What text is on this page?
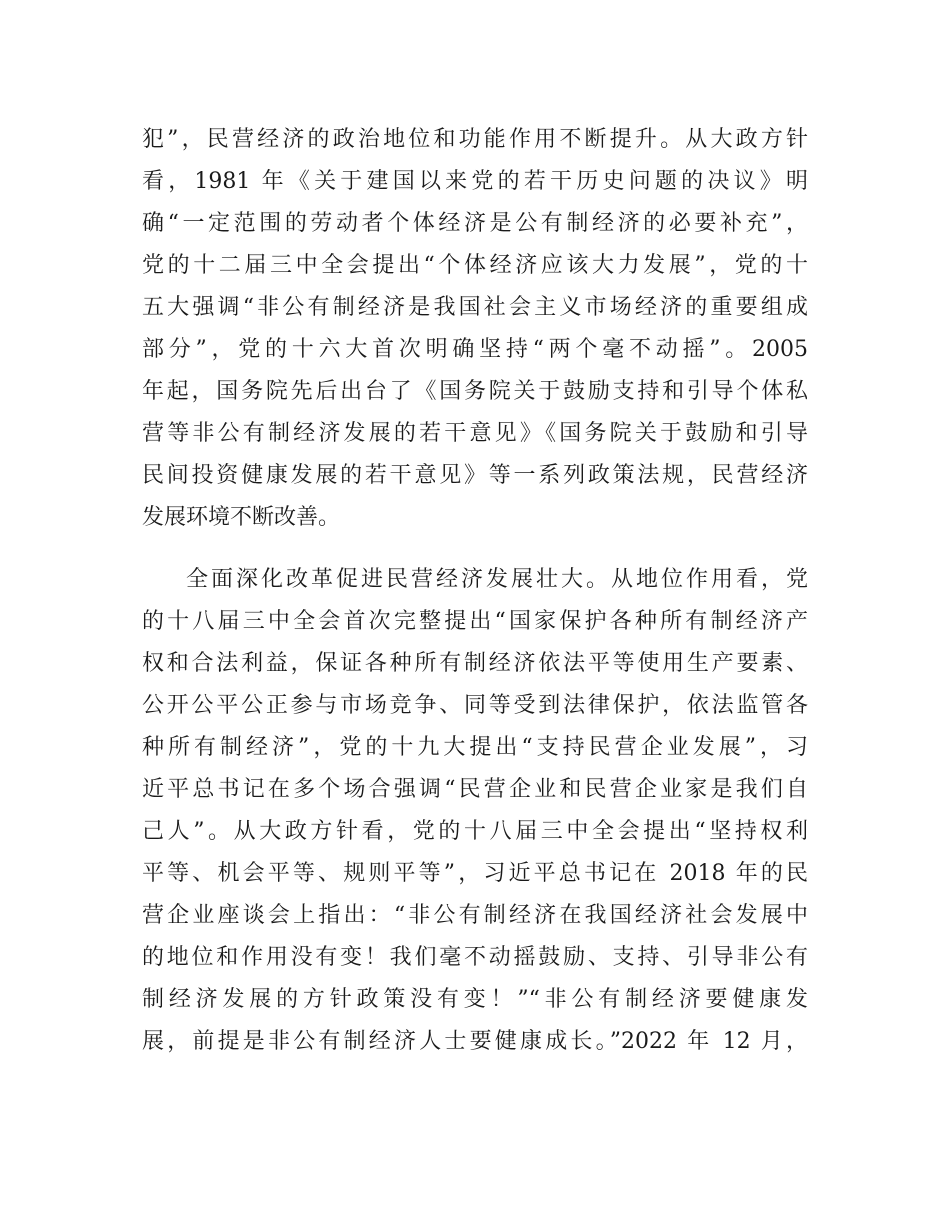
犯”，民营经济的政治地位和功能作用不断提升。从大政方针
看，1981 年《关于建国以来党的若干历史问题的决议》明
确“一定范围的劳动者个体经济是公有制经济的必要补充”，
党的十二届三中全会提出“个体经济应该大力发展”，党的十
五大强调“非公有制经济是我国社会主义市场经济的重要组成
部分”，党的十六大首次明确坚持“两个毫不动摇”。2005
年起，国务院先后出台了《国务院关于鼓励支持和引导个体私
营等非公有制经济发展的若干意见》《国务院关于鼓励和引导
民间投资健康发展的若干意见》等一系列政策法规，民营经济
发展环境不断改善。
全面深化改革促进民营经济发展壮大。从地位作用看，党
的十八届三中全会首次完整提出“国家保护各种所有制经济产
权和合法利益，保证各种所有制经济依法平等使用生产要素、
公开公平公正参与市场竞争、同等受到法律保护，依法监管各
种所有制经济”，党的十九大提出“支持民营企业发展”，习
近平总书记在多个场合强调“民营企业和民营企业家是我们自
己人”。从大政方针看，党的十八届三中全会提出“坚持权利
平等、机会平等、规则平等”，习近平总书记在 2018 年的民
营企业座谈会上指出：“非公有制经济在我国经济社会发展中
的地位和作用没有变！我们毫不动摇鼓励、支持、引导非公有
制经济发展的方针政策没有变！”“非公有制经济要健康发
展，前提是非公有制经济人士要健康成长。”2022 年 12 月，
